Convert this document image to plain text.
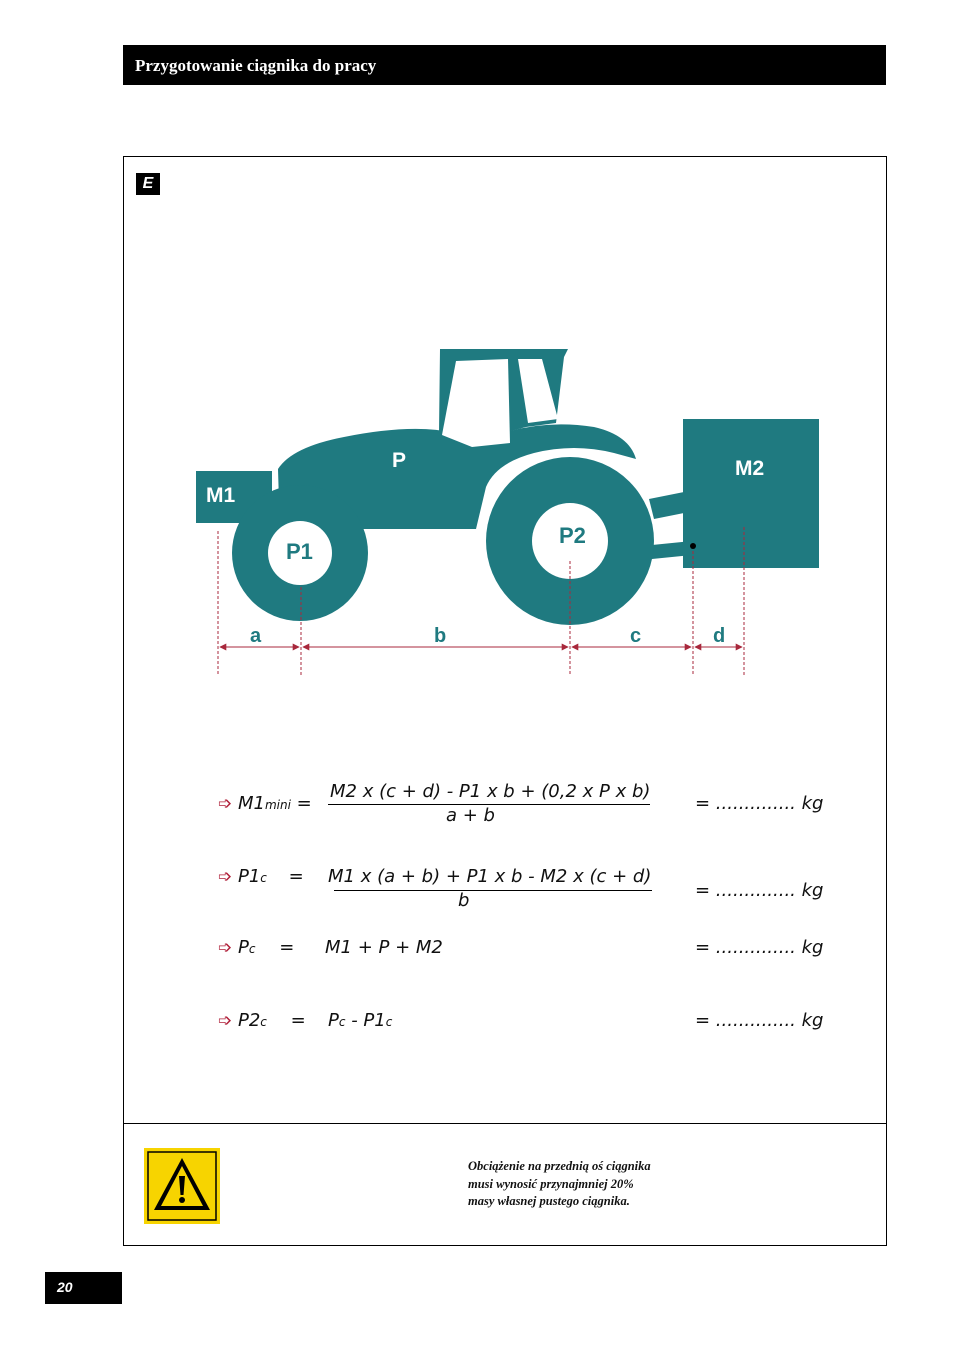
Przygotowanie ciągnika do pracy
E
M1
P	M2
P1
P2
a	b	c	d
➩ M1mini =
M2 x (c + d) - P1 x b + (0,2 x P x b)
a + b
= .............. kg
➩ P1c = M1 x (a + b) + P1 x b - M2 x (c + d)
b	= .............. kg
➩ Pc = M1 + P + M2	= .............. kg
➩ P2c = Pc - P1c	= .............. kg
Obciążenie na przednią oś ciągnika musi wynosić przynajmniej 20% masy własnej pustego ciągnika.
20
